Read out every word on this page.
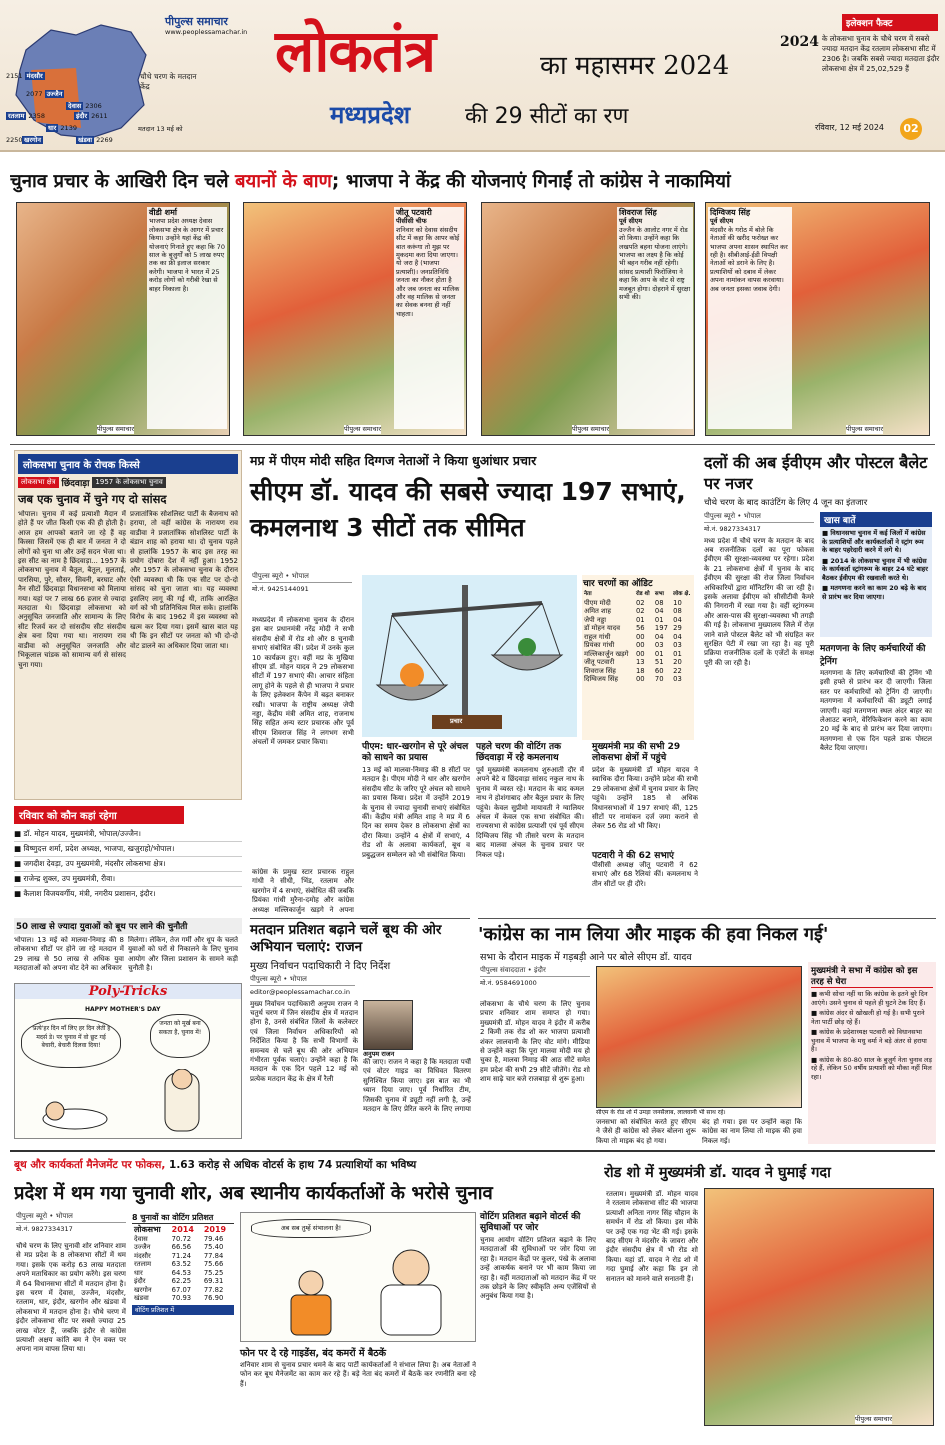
2151 मंदसौर
2077 उज्जैन
देवास 2306
रतलाम 2358	इंदौर 2611
धार 2139
खरगोन
2250	खंडवा 2269
चौथे चरण के मतदान केंद्र
मतदान 13 मई को
पीपुल्स समाचार
www.peoplessamachar.in लोकतंत्र	का महासमर 2024
मध्यप्रदेश की 29 सीटों का रण
इलेक्शन फैक्ट
2024 के लोकसभा चुनाव के चौथे चरण में सबसे ज्यादा मतदान केंद्र रतलाम लोकसभा सीट में 2306 है। जबकि सबसे ज्यादा मतदाता इंदौर लोकसभा क्षेत्र में 25,02,529 हैं
रविवार, 12 मई 2024	02
चुनाव प्रचार के आखिरी दिन चले बयानों के बाण; भाजपा ने केंद्र की योजनाएं गिनाईं तो कांग्रेस ने नाकामियां
वीडी शर्मा
भाजपा प्रदेश अध्यक्ष देवास लोकसभा क्षेत्र के आगर में प्रचार किया। उन्होंने यहां केंद्र की योजनाएं गिनाते हुए कहा कि 70 साल के बुजुर्गों को 5 लाख रुपए तक का फ्री इलाज सरकार करेगी। भाजपा ने भारत में 25 करोड़ लोगों को गरीबी रेखा से बाहर निकाला है।
पीपुल्स समाचार
जीतू पटवारी
पीसीसी चीफ
शनिवार को देवास संसदीय सीट में कहा कि आपर कोई बात करूंगा तो मुझ पर मुकदमा करा दिया जाएगा। यो जरा है (भाजपा प्रत्याशी)। जनप्रतिनिधि जनता का नौकर होता है और जब जनता का मालिक और वह मालिक से जनता का सेवक बनना ही नहीं चाहता।
पीपुल्स समाचार
शिवराज सिंह
पूर्व सीएम
उज्जैन के आलोट नगर में रोड शो किया। उन्होंने कहा कि लखपति बहना योजना लाएंगे। भाजपा का लक्ष्य है कि कोई भी बहन गरीब नहीं रहेगी। सांसद प्रत्याशी फिरोजिया ने कहा कि आप के वोट से राष्ट्र मजबूत होगा। दोहराने में सुरक्षा सभी की।
पीपुल्स समाचार
दिग्विजय सिंह
पूर्व सीएम
मंदसौर के गरोठ में बोले कि नेताओं की खरीद फरोख्त कर भाजपा अपना शासन स्थापित कर रही है। सीबीआई-ईडी विपक्षी नेताओं को डराने के लिए है। प्रत्याशियों को दबाव में लेकर अपना नामांकन वापस करवाया। अब जनता इसका जवाब देगी।
पीपुल्स समाचार
लोकसभा चुनाव के रोचक किस्से
लोकसभा क्षेत्र छिंदवाड़ा 1957 के लोकसभा चुनाव
जब एक चुनाव में चुने गए दो सांसद
भोपाल। चुनाव में कई प्रत्याशी मैदान में होते हैं पर जीत किसी एक की ही होती है। आज हम आपको बताने जा रहे हैं वह किस्सा जिसमें एक ही बार में जनता ने दो लोगों को चुना था और उन्हें सदन भेजा था। इस सीट का नाम है छिंदवाड़ा... 1957 के लोकसभा चुनाव में बैतूल, बैतूल, मुलताई, पारसिया, पुरे, सौसर, सिवनी, बरघाट और नैन सीटों छिंदवाड़ा विधानसभा को मिलाया गया। यहां पर 7 लाख 66 हजार से ज्यादा मतदाता थे। छिंदवाड़ा लोकसभा को अनुसूचित जनजाति और सामान्य के लिए सीट रिजर्व कर दो सांसदीय सीट संसदीय क्षेत्र बना दिया गया था। नारायण राव वाडीवा को अनुसूचित जनजाति और भिकूलाल चांडक को सामान्य वर्ग से सांसद चुना गया।
प्रजातांत्रिक सोशलिस्ट पार्टी के बैजनाथ को हराया, तो वहीं कांग्रेस के नारायण राव वाडीवा ने प्रजातांत्रिक सोशलिस्ट पार्टी के बंडान शाह को हराया था। दो चुनाव पहले से हालांकि 1957 के बाद इस तरह का प्रयोग दोबारा देश में नहीं हुआ। 1952 और 1957 के लोकसभा चुनाव के दौरान ऐसी व्यवस्था थी कि एक सीट पर दो-दो सांसद को चुना जाता था। यह व्यवस्था इसलिए लागू की गई थी, ताकि आरक्षित वर्ग को भी प्रतिनिधित्व मिल सके। हालांकि विरोध के बाद 1962 में इस व्यवस्था को खत्म कर दिया गया। इसमें खास बात यह थी कि इन सीटों पर जनता को भी दो-दो वोट डालने का अधिकार दिया जाता था।
रविवार को कौन कहां रहेगा
■ डॉ. मोहन यादव, मुख्यमंत्री, भोपाल/उज्जैन।
■ विष्णुदत्त शर्मा, प्रदेश अध्यक्ष, भाजपा, खजुराहो/भोपाल।
■ जगदीश देवड़ा, उप मुख्यमंत्री, मंदसौर लोकसभा क्षेत्र।
■ राजेन्द्र शुक्ल, उप मुख्यमंत्री, रीवा।
■ कैलाश विजयवर्गीय, मंत्री, नगरीय प्रशासन, इंदौर।
50 लाख से ज्यादा युवाओं को बूथ पर लाने की चुनौती
भोपाल। 13 मई को मालवा-निमाड़ की 8 लोकसभा सीटों पर होने जा रहे मतदान में 29 लाख से 50 लाख से अधिक युवा मतदाताओं को अपना वोट देने का अधिकार
मिलेगा। लेकिन, तेज गर्मी और धूप के चलते युवाओं को घरों से निकालने के लिए चुनाव आयोग और जिला प्रशासन के सामने कड़ी चुनौती है।
Poly-Tricks
HAPPY MOTHER'S DAY
'प्रत्ये'हर दिन माँ लिए हर दिन लेती है मदर्स डे। पर चुनाव में वो छूट गई बेचारी, बेचारी दिलवा दिया!
जनता को मूर्ख बना सकता है, चुनाव में!
मप्र में पीएम मोदी सहित दिग्गज नेताओं ने किया धुआंधार प्रचार
सीएम डॉ. यादव की सबसे ज्यादा 197 सभाएं, कमलनाथ 3 सीटों तक सीमित
पीपुल्स ब्यूरो • भोपाल
मो.नं. 9425144091
प्रचार
चार चरणों का ऑडिट
नेता	रोड शो	सभा	लोक क्षे.
पीएम मोदी	02	08	10
अमित शाह	02	04	08
जेपी नड्डा	01	01	04
डॉ मोहन यादव	56	197	29
राहुल गांधी	00	04	04
प्रियंका गांधी	00	03	03
मल्लिकार्जुन खड़गे	00	01	01
जीतू पटवारी	13	51	20
शिवराज सिंह	18	60	22
दिग्विजय सिंह	00	70	03
मध्यप्रदेश में लोकसभा चुनाव के दौरान इस बार प्रधानमंत्री नरेंद्र मोदी ने सभी संसदीय क्षेत्रों में रोड शो और 8 चुनावी सभाएं संबोधित कीं। प्रदेश में उनके कुल 10 कार्यक्रम हुए। वहीं मप्र के मुखिया सीएम डॉ. मोहन यादव ने 29 लोकसभा सीटों में 197 सभाएं की। आचार संहिता लागू होने के पहले से ही भाजपा ने प्रचार के लिए इलेक्शन कैंपेन में बढ़त बनाकर रखी। भाजपा के राष्ट्रीय अध्यक्ष जेपी नड्डा, केंद्रीय मंत्री अमित शाह, राजनाथ सिंह सहित अन्य स्टार प्रचारक और पूर्व सीएम शिवराज सिंह ने लगभग सभी अंचलों में जमकर प्रचार किया।	पीएम: धार-खरगोन से पूरे अंचल को साधने का प्रयास
13 मई को मालवा-निमाड़ की 8 सीटों पर मतदान है। पीएम मोदी ने धार और खरगोन संसदीय सीट के जरिए पूरे अंचल को साधने का प्रयास किया। प्रदेश में उन्होंने 2019 के चुनाव से ज्यादा चुनावी सभाएं संबोधित कीं। केंद्रीय मंत्री अमित शाह ने मप्र में 6 दिन का समय देकर 8 लोकसभा क्षेत्रों का दौरा किया। उन्होंने 4 क्षेत्रों में सभाएं, 4 रोड शो के अलावा कार्यकर्ता, बूथ व प्रबुद्धजन सम्मेलन को भी संबोधित किया।
पहले चरण की वोटिंग तक छिंदवाड़ा में रहे कमलनाथ
पूर्व मुख्यमंत्री कमलनाथ शुरुआती दौर में अपने बेटे व छिंदवाड़ा सांसद नकुल नाथ के चुनाव में व्यस्त रहे। मतदान के बाद कमल नाथ ने होशंगाबाद और बैतूल प्रचार के लिए पहुंचे। केवल सुप्रीमो मायावती ने ग्वालियर अंचल में केवल एक सभा संबोधित की। राज्यसभा से कांग्रेस प्रत्याशी एवं पूर्व सीएम दिग्विजय सिंह भी तीसरे चरण के मतदान बाद मालवा अंचल के चुनाव प्रचार पर निकल पड़े।
मुख्यमंत्री मप्र की सभी 29 लोकसभा क्षेत्रों में पहुंचे
प्रदेश के मुख्यमंत्री डॉ मोहन यादव ने स्वाधिक दौरा किया। उन्होंने प्रदेश की सभी 29 लोकसभा क्षेत्रों में चुनाव प्रचार के लिए पहुंचे। उन्होंने 185 से अधिक विधानसभाओं में 197 सभाएं कीं, 125 सीटों पर नामांकन दर्ज जमा कराने से लेकर 56 रोड शो भी किए।
पटवारी ने की 62 सभाएं
पीसीसी अध्यक्ष जीतू पटवारी ने 62 सभाएं और 68 रैलियां कीं। कमलनाथ ने तीन सीटों पर ही दौरे।
मतदान प्रतिशत बढ़ाने चलें बूथ की ओर अभियान चलाएं: राजन
मुख्य निर्वाचन पदाधिकारी ने दिए निर्देश
पीपुल्स ब्यूरो • भोपाल
editor@peoplessamachar.co.in
मुख्य निर्वाचन पदाधिकारी अनुपम राजन ने चतुर्थ चरण में जिन संसदीय क्षेत्र में मतदान होना है, उनसे संबंधित जिलों के कलेक्टर एवं जिला निर्वाचन अधिकारियों को निर्देशित किया है कि सभी विभागों के समन्वय से चलें बूथ की ओर अभियान गंभीरता पूर्वक चलाएं। उन्होंने कहा है कि मतदान के एक दिन पहले 12 मई को प्रत्येक मतदान केंद्र के क्षेत्र में रैली
अनुपम राजन
की जाए। राजन ने कहा है कि मतदाता पर्ची एवं वोटर गाइड का विधिवत वितरण सुनिश्चित किया जाए। इस बात का भी ध्यान दिया जाए। पूर्व निर्धारित टीम, जिसकी चुनाव में ड्यूटी नहीं लगी है, उन्हें मतदान के लिए प्रेरित करने के लिए लगाया
दलों की अब ईवीएम और पोस्टल बैलेट पर नजर
चौथे चरण के बाद काउंटिंग के लिए 4 जून का इंतजार
पीपुल्स ब्यूरो • भोपाल
मो.नं. 9827334317
मध्य प्रदेश में चौथे चरण के मतदान के बाद अब राजनीतिक दलों का पूरा फोकस ईवीएम की सुरक्षा-व्यवस्था पर रहेगा। प्रदेश के 21 लोकसभा क्षेत्रों में चुनाव के बाद ईवीएम की सुरक्षा की रोज जिला निर्वाचन अधिकारियों द्वारा मॉनिटरिंग की जा रही है। इसके अलावा ईवीएम को सीसीटीवी कैमरे की निगरानी में रखा गया है। वहीं स्ट्रांगरूम और आस-पास की सुरक्षा-व्यवस्था भी तगड़ी की गई है। लोकसभा मुख्यालय जिले में रोज़ जाने वाले पोस्टल बैलेट को भी संग्रहित कर सुरक्षित पेटी में रखा जा रहा है। वह पूरी प्रक्रिया राजनीतिक दलों के एजेंटों के समक्ष पूरी की जा रही है।
खास बातें
■ विधानसभा चुनाव में कई जिलों में कांग्रेस के प्रत्याशियों और कार्यकर्ताओं ने स्ट्रांग रूम के बाहर पहरेदारी करने में लगे थे।
■ 2014 के लोकसभा चुनाव में भी कांग्रेस के कार्यकर्ता स्ट्रांगरूम के बाहर 24 घंटे बाहर बैठकर ईवीएम की रखवाली करते थे।
■ मतगणना करने का काम 20 बढ़े के बाद से प्रारंभ कर दिया जाएगा।
मतगणना के लिए कर्मचारियों की ट्रेनिंग
मतगणना के लिए कर्मचारियों की ट्रेनिंग भी इसी हफ्ते से प्रारंभ कर दी जाएगी। जिला स्तर पर कर्मचारियों को ट्रेनिंग दी जाएगी। मतगणना में कर्मचारियों की ड्यूटी लगाई जाएगी। वहां मतगणना स्थल अंदर बाहर का लेआउट बनाने, वेरिफिकेशन करने का काम 20 मई के बाद से प्रारंभ कर दिया जाएगा। मतगणना से एक दिन पहले डाक पोस्टल बैलेट दिया जाएगा।
'कांग्रेस का नाम लिया और माइक की हवा निकल गई'
सभा के दौरान माइक में गड़बड़ी आने पर बोले सीएम डॉ. यादव
पीपुल्स संवाददाता • इंदौर
मो.नं. 9584691000
लोकसभा के चौथे चरण के लिए चुनाव प्रचार शनिवार शाम समाप्त हो गया। मुख्यमंत्री डॉ. मोहन यादव ने इंदौर में करीब 2 किमी तक रोड शो कर भाजपा प्रत्याशी शंकर लालवानी के लिए वोट मांगे। मीडिया से उन्होंने कहा कि पूरा मालवा मोदी मय हो चुका है, मालवा निमाड़ की आठ सीटें समेत हम प्रदेश की सभी 29 सीटें जीतेंगे। रोड शो शाम साढ़े चार बजे राजबाड़ा से शुरू हुआ।
सीएम के रोड शो में उमड़ा जनसैलाब, लालवानी भी साथ रहे।
जनसभा को संबोधित करते हुए सीएम ने जैसे ही कांग्रेस को लेकर बोलना शुरू किया तो माइक बंद हो गया।
बंद हो गया। इस पर उन्होंने कहा कि कांग्रेस का नाम लिया तो माइक की हवा निकल गई।
मुख्यमंत्री ने सभा में कांग्रेस को इस तरह से घेरा
■ कभी सोचा नहीं था कि कांग्रेस के इतने बुरे दिन आएंगे। उसने चुनाव से पहले ही घुटने टेक दिए हैं।
■ कांग्रेस अंदर से खोखली हो गई है। सभी पुराने नेता पार्टी छोड़ रहे हैं।
■ कांग्रेस के प्रदेशाध्यक्ष पटवारी को विधानसभा चुनाव में भाजपा के मधु वर्मा ने बड़े अंतर से हराया है।
■ कांग्रेस के 80-80 साल के बुजुर्ग नेता चुनाव लड़ रहे हैं, लेकिन 50 वर्षीय प्रत्याशी को मौका नहीं मिल रहा।
बूथ और कार्यकर्ता मैनेजमेंट पर फोकस, 1.63 करोड़ से अधिक वोटर्स के हाथ 74 प्रत्याशियों का भविष्य
प्रदेश में थम गया चुनावी शोर, अब स्थानीय कार्यकर्ताओं के भरोसे चुनाव
पीपुल्स ब्यूरो • भोपाल
मो.नं. 9827334317
चौथे चरण के लिए चुनावी शोर शनिवार शाम से मप्र प्रदेश के 8 लोकसभा सीटों में थम गया। इसके एक करोड़ 63 लाख मतदाता अपने मताधिकार का प्रयोग करेंगे। इस चरण में 64 विधानसभा सीटों में मतदान होना है। इस चरण में देवास, उज्जैन, मंदसौर, रतलाम, धार, इंदौर, खरगोन और खंडवा में लोकसभा में मतदान होना है। चौथे चरण में इंदौर लोकसभा सीट पर सबसे ज्यादा 25 लाख वोटर हैं, जबकि इंदौर से कांग्रेस प्रत्याशी अक्षय कांति बम ने ऐन वक्त पर अपना नाम वापस लिया था।
8 चुनावों का वोटिंग प्रतिशत
लोकसभा	2014	2019
देवास	70.72	79.46
उज्जैन	66.56	75.40
मंदसौर	71.24	77.84
रतलाम	63.52	75.66
धार	64.53	75.25
इंदौर	62.25	69.31
खरगोन	67.07	77.82
खंडवा	70.93	76.90
वोटिंग प्रतिशत में
अब सब तुम्हें संभालना है!
फोन पर दे रहे गाइडेंस, बंद कमरों में बैठकें
शनिवार शाम से चुनाव प्रचार थमने के बाद पार्टी कार्यकर्ताओं ने संभाल लिया है। अब नेताओं ने फोन कर बूथ मैनेजमेंट का काम कर रहे हैं। बड़े नेता बंद कमरों में बैठकें कर रणनीति बना रहे हैं।
वोटिंग प्रतिशत बढ़ाने वोटर्स की सुविधाओं पर जोर
चुनाव आयोग वोटिंग प्रतिशत बढ़ाने के लिए मतदाताओं की सुविधाओं पर जोर दिया जा रहा है। मतदान केंद्रों पर कूलर, पंखे के अलावा उन्हें आकर्षक बनाने पर भी काम किया जा रहा है। वहीं मतदाताओं को मतदान केंद्र में पर तक छोड़ने के लिए स्वीकृति अन्य एजेंसियों से अनुबंध किया गया है।
रोड शो में मुख्यमंत्री डॉ. यादव ने घुमाई गदा
रतलाम। मुख्यमंत्री डॉ. मोहन यादव ने रतलाम लोकसभा सीट की भाजपा प्रत्याशी अनिता नागर सिंह चौहान के समर्थन में रोड शो किया। इस मौके पर उन्हें एक गदा भेंट की गई। इसके बाद सीएम ने मंदसौर के जावरा और इंदौर संसदीय क्षेत्र में भी रोड शो किया। यहां डॉ. यादव ने रोड शो में गदा घुमाई और कहा कि इन तो सनातन को मानने वाले सनातनी हैं।
पीपुल्स समाचार
कांग्रेस के प्रमुख स्टार प्रचारक राहुल गांधी ने सीधी, भिंड, रतलाम और खरगोन में 4 सभाएं, संबोधित कीं जबकि प्रियंका गांधी मुरैना-दमोह और कांग्रेस अध्यक्ष मल्लिकार्जुन खड़गे ने अपना
